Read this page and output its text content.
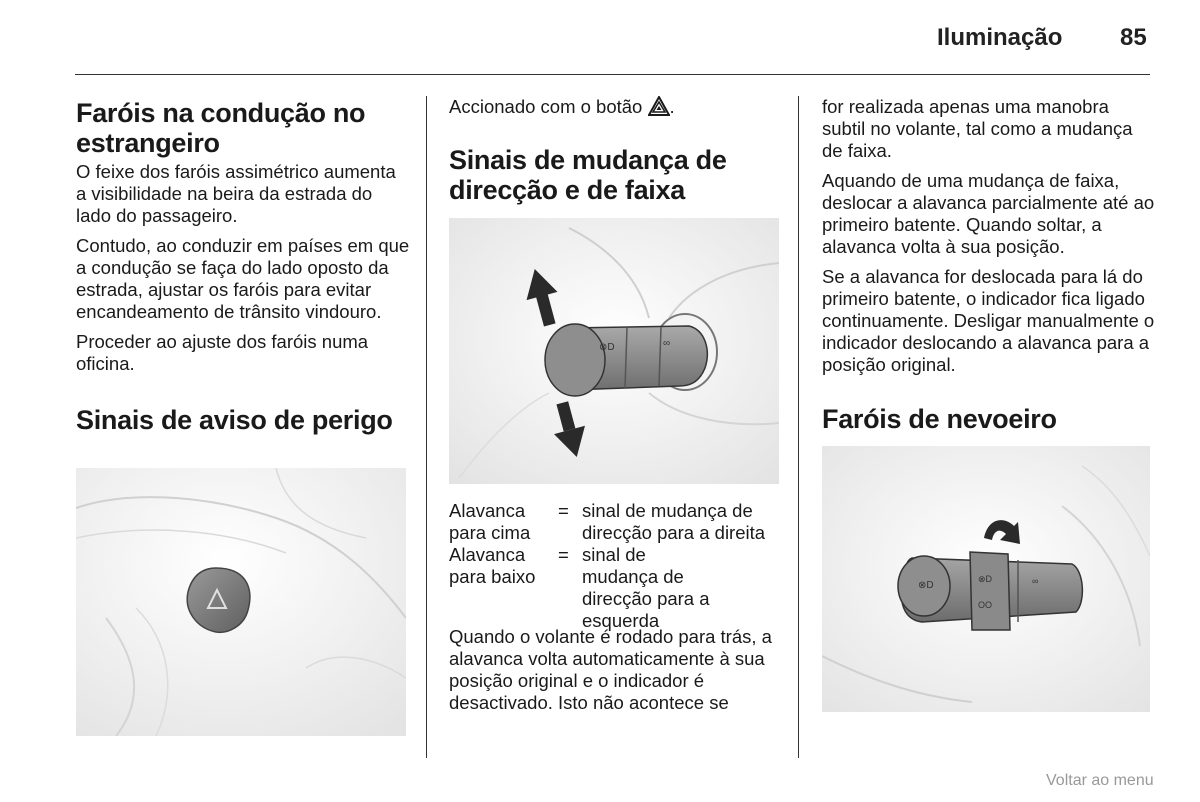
Iluminação 85
Faróis na condução no estrangeiro

O feixe dos faróis assimétrico aumenta a visibilidade na beira da estrada do lado do passageiro.

Contudo, ao conduzir em países em que a condução se faça do lado oposto da estrada, ajustar os faróis para evitar encandeamento de trânsito vindouro.

Proceder ao ajuste dos faróis numa oficina.

Sinais de aviso de perigo

Accionado com o botão .

Sinais de mudança de direcção e de faixa
⊗D	∞
Alavanca para cima
= sinal de mudança de direcção para a direita
Alavanca para baixo
= sinal de mudança de direcção para a esquerda

Quando o volante é rodado para trás, a alavanca volta automaticamente à sua posição original e o indicador é desactivado. Isto não acontece se

for realizada apenas uma manobra subtil no volante, tal como a mudança de faixa.

Aquando de uma mudança de faixa, deslocar a alavanca parcialmente até ao primeiro batente. Quando soltar, a alavanca volta à sua posição.

Se a alavanca for deslocada para lá do primeiro batente, o indicador fica ligado continuamente. Desligar manualmente o indicador deslocando a alavanca para a posição original.

Faróis de nevoeiro
⊗D
⊗D
OO
∞
Voltar ao menu
